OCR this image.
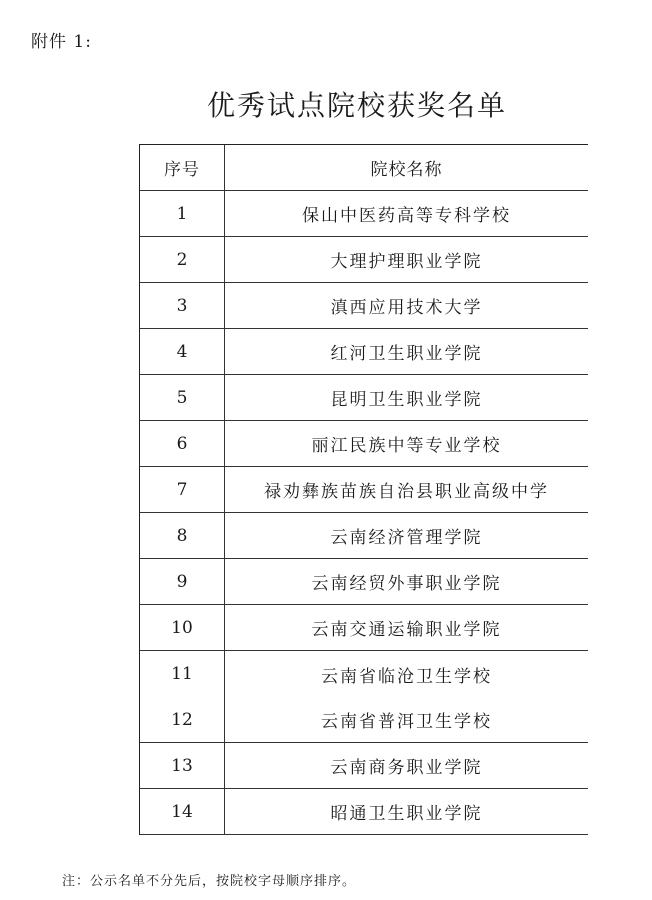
附件 1:
优秀试点院校获奖名单
序号	院校名称
1	保山中医药高等专科学校
2	大理护理职业学院
3	滇西应用技术大学
4	红河卫生职业学院
5	昆明卫生职业学院
6	丽江民族中等专业学校
7	禄劝彝族苗族自治县职业高级中学
8	云南经济管理学院
9	云南经贸外事职业学院
10	云南交通运输职业学院
11	云南省临沧卫生学校
12	云南省普洱卫生学校
13	云南商务职业学院
14	昭通卫生职业学院
注：公示名单不分先后，按院校字母顺序排序。
